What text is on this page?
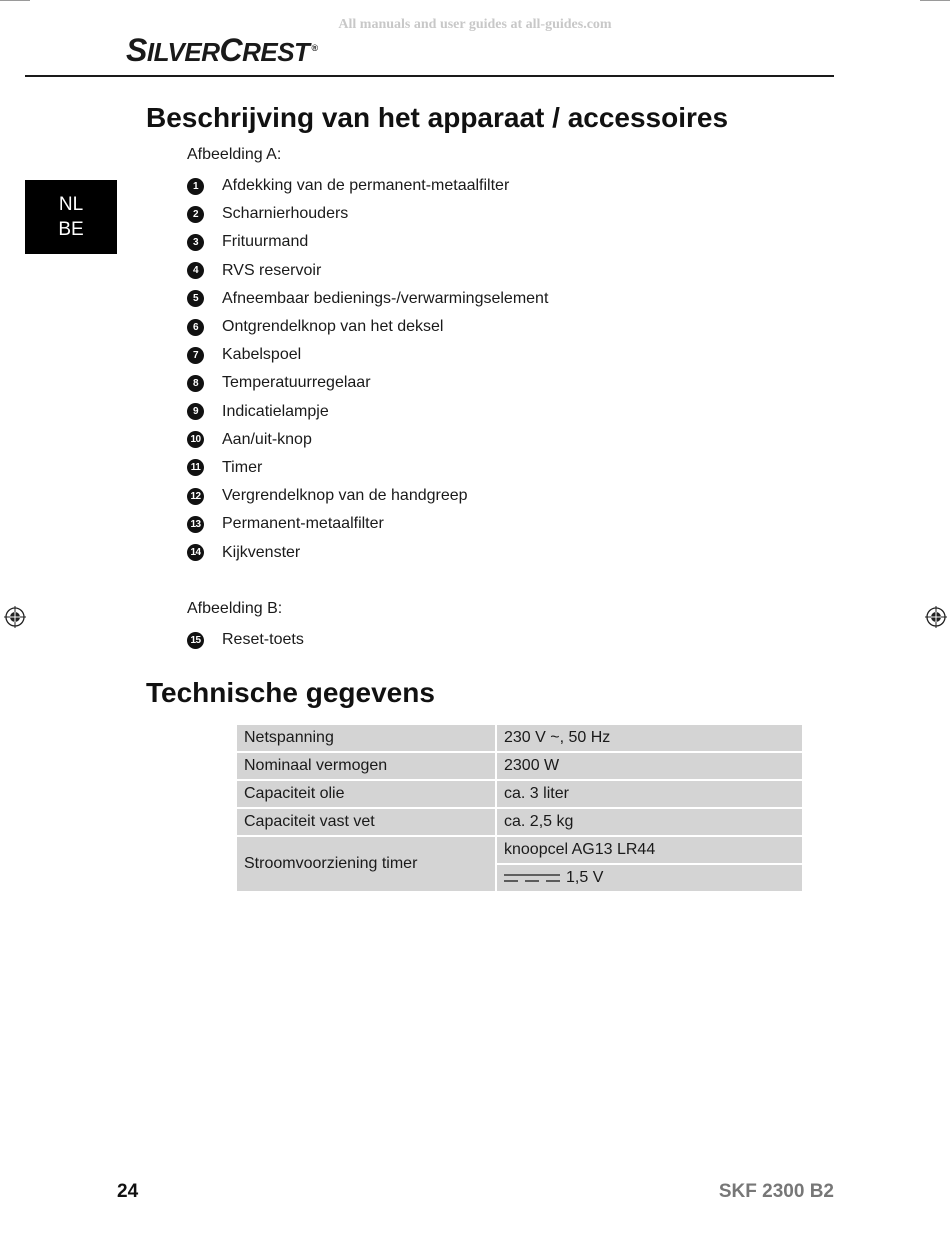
All manuals and user guides at all-guides.com
SILVERCREST ®
NL
BE
Beschrijving van het apparaat / accessoires
Afbeelding A:
1	Afdekking van de permanent-metaalfilter
2	Scharnierhouders
3	Frituurmand
4	RVS reservoir
5	Afneembaar bedienings-/verwarmingselement
6	Ontgrendelknop van het deksel
7	Kabelspoel
8	Temperatuurregelaar
9	Indicatielampje
10 Aan/uit-knop
11 Timer
12 Vergrendelknop van de handgreep
13 Permanent-metaalfilter
14 Kijkvenster
Afbeelding B:
15 Reset-toets
Technische gegevens
Netspanning	230 V ~, 50 Hz
Nominaal vermogen	2300 W
Capaciteit olie	ca. 3 liter
Capaciteit vast vet	ca. 2,5 kg
Stroomvoorziening timer	knoopcel AG13 LR44
	1,5 V
24	SKF 2300 B2
